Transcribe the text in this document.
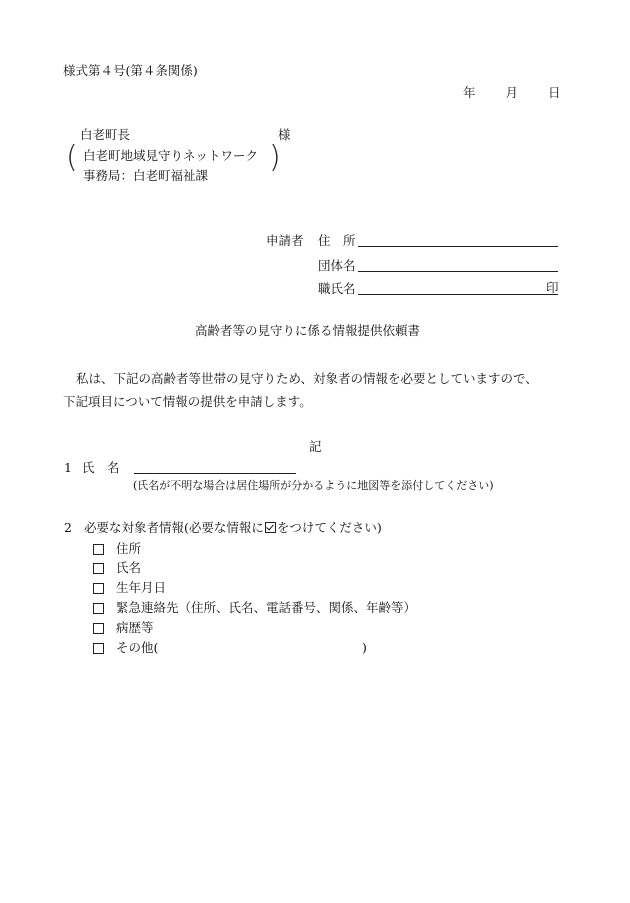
様式第４号(第４条関係)
年 月 日
白老町長	様
( 白老町地域見守りネットワーク
事務局：白老町福祉課
)
申請者 住　所
団体名
職氏名	印
高齢者等の見守りに係る情報提供依頼書
私は、下記の高齢者等世帯の見守りため、対象者の情報を必要としていますので、
下記項目について情報の提供を申請します。
記
1 氏　名
(氏名が不明な場合は居住場所が分かるように地図等を添付してください)
2 必要な対象者情報(必要な情報に をつけてください)
住所
氏名
生年月日
緊急連絡先（住所、氏名、電話番号、関係、年齢等）
病歴等
その他(	)
